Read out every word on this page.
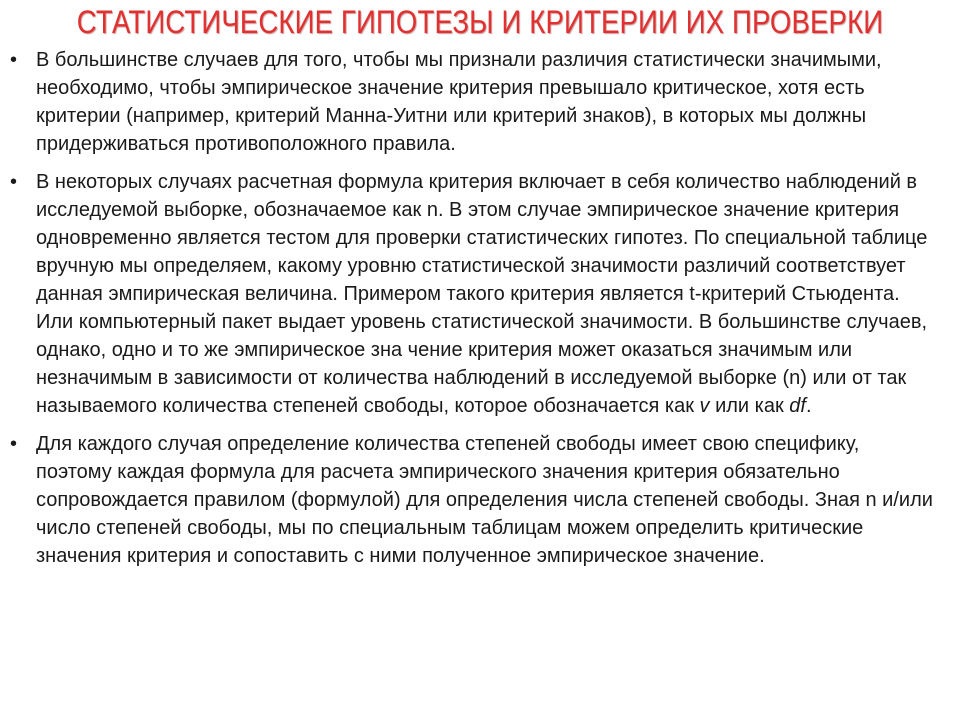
СТАТИСТИЧЕСКИЕ ГИПОТЕЗЫ И КРИТЕРИИ ИХ ПРОВЕРКИ
• В большинстве случаев для того, чтобы мы признали различия статистически значимыми, необходимо, чтобы эмпирическое значение критерия превышало критическое, хотя есть критерии (например, критерий Манна-Уитни или критерий знаков), в которых мы должны придерживаться противоположного правила.
• В некоторых случаях расчетная формула критерия включает в себя количество наблюдений в исследуемой выборке, обозначаемое как n. В этом случае эмпирическое значение критерия одновременно является тестом для проверки статистических гипотез. По специальной таблице вручную мы определяем, какому уровню статистической значимости различий соответствует данная эмпирическая величина. Примером такого критерия является t-критерий Стьюдента. Или компьютерный пакет выдает уровень статистической значимости. В большинстве случаев, однако, одно и то же эмпирическое зна чение критерия может оказаться значимым или незначимым в зависимости от количества наблюдений в исследуемой выборке (n) или от так называемого количества степеней свободы, которое обозначается как v или как df.
• Для каждого случая определение количества степеней свободы имеет свою специфику, поэтому каждая формула для расчета эмпирического значения критерия обязательно сопровождается правилом (формулой) для определения числа степеней свободы. Зная n и/или число степеней свободы, мы по специальным таблицам можем определить критические значения критерия и сопоставить с ними полученное эмпирическое значение.
